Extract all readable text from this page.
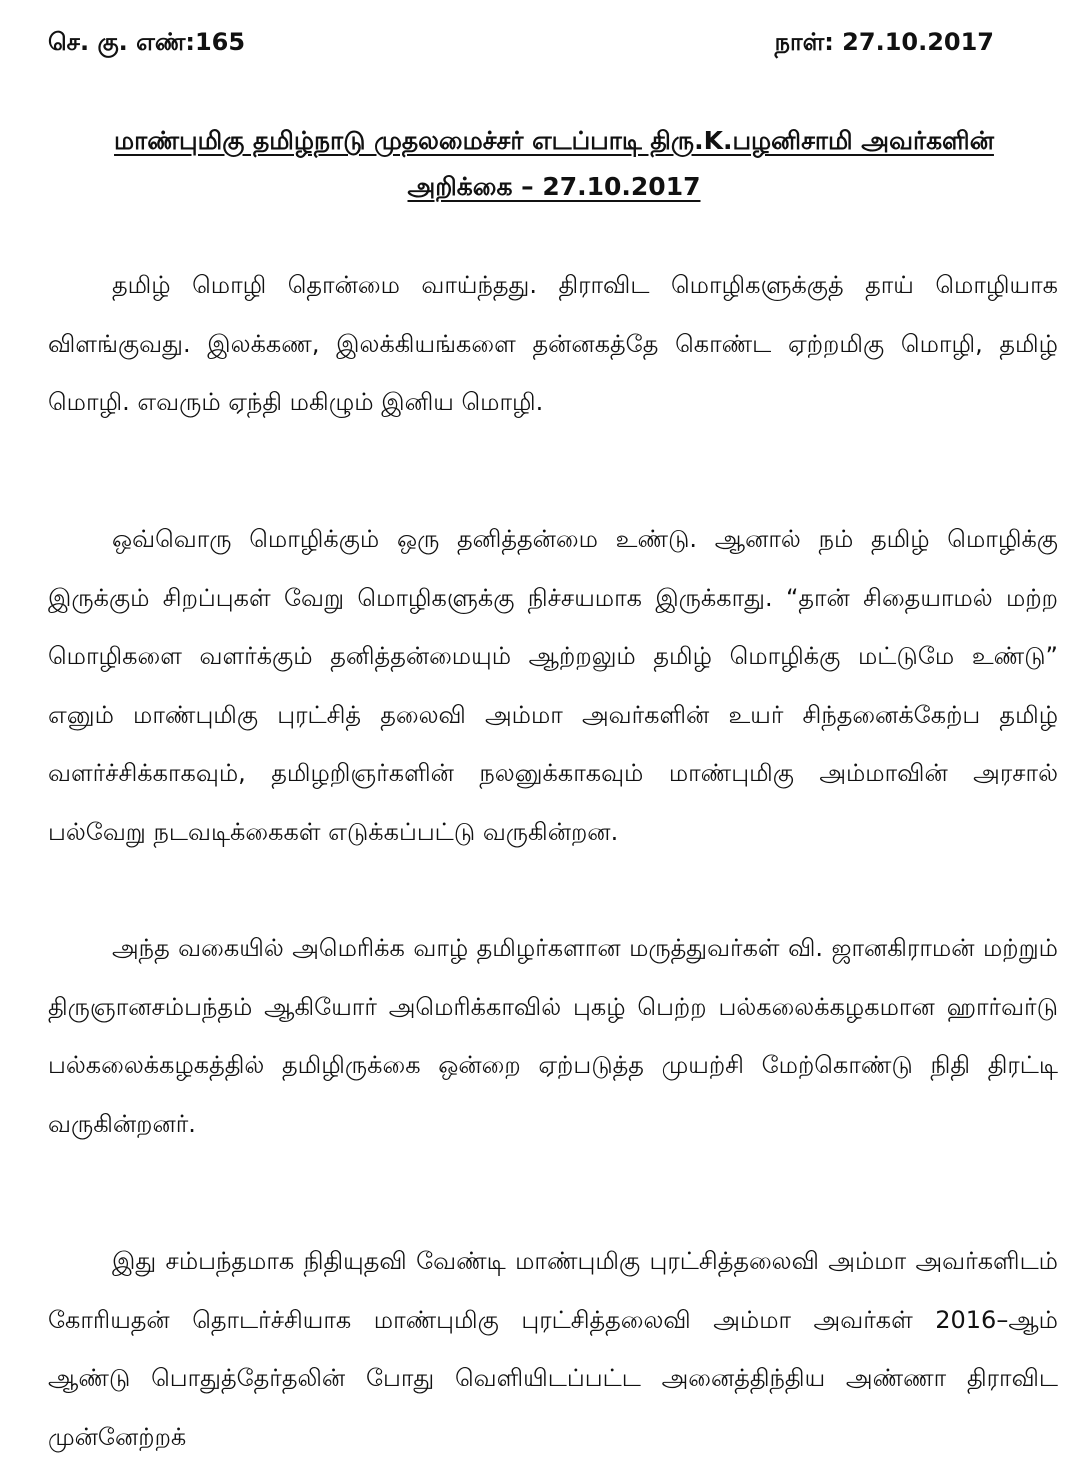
செ. கு. எண்:165	நாள்: 27.10.2017
மாண்புமிகு தமிழ்நாடு முதலமைச்சர் எடப்பாடி திரு.K.பழனிசாமி அவர்களின்
அறிக்கை – 27.10.2017

தமிழ் மொழி தொன்மை வாய்ந்தது. திராவிட மொழிகளுக்குத் தாய் மொழியாக விளங்குவது. இலக்கண, இலக்கியங்களை தன்னகத்தே கொண்ட ஏற்றமிகு மொழி, தமிழ் மொழி. எவரும் ஏந்தி மகிழும் இனிய மொழி.

ஒவ்வொரு மொழிக்கும் ஒரு தனித்தன்மை உண்டு. ஆனால் நம் தமிழ் மொழிக்கு இருக்கும் சிறப்புகள் வேறு மொழிகளுக்கு நிச்சயமாக இருக்காது. “தான் சிதையாமல் மற்ற மொழிகளை வளர்க்கும் தனித்தன்மையும் ஆற்றலும் தமிழ் மொழிக்கு மட்டுமே உண்டு” எனும் மாண்புமிகு புரட்சித் தலைவி அம்மா அவர்களின் உயர் சிந்தனைக்கேற்ப தமிழ் வளர்ச்சிக்காகவும், தமிழறிஞர்களின் நலனுக்காகவும் மாண்புமிகு அம்மாவின் அரசால் பல்வேறு நடவடிக்கைகள் எடுக்கப்பட்டு வருகின்றன.

அந்த வகையில் அமெரிக்க வாழ் தமிழர்களான மருத்துவர்கள் வி. ஜானகிராமன் மற்றும் திருஞானசம்பந்தம் ஆகியோர் அமெரிக்காவில் புகழ் பெற்ற பல்கலைக்கழகமான ஹார்வர்டு பல்கலைக்கழகத்தில் தமிழிருக்கை ஒன்றை ஏற்படுத்த முயற்சி மேற்கொண்டு நிதி திரட்டி வருகின்றனர்.

இது சம்பந்தமாக நிதியுதவி வேண்டி மாண்புமிகு புரட்சித்தலைவி அம்மா அவர்களிடம் கோரியதன் தொடர்ச்சியாக மாண்புமிகு புரட்சித்தலைவி அம்மா அவர்கள் 2016–ஆம் ஆண்டு பொதுத்தேர்தலின் போது வெளியிடப்பட்ட அனைத்திந்திய அண்ணா திராவிட முன்னேற்றக்
